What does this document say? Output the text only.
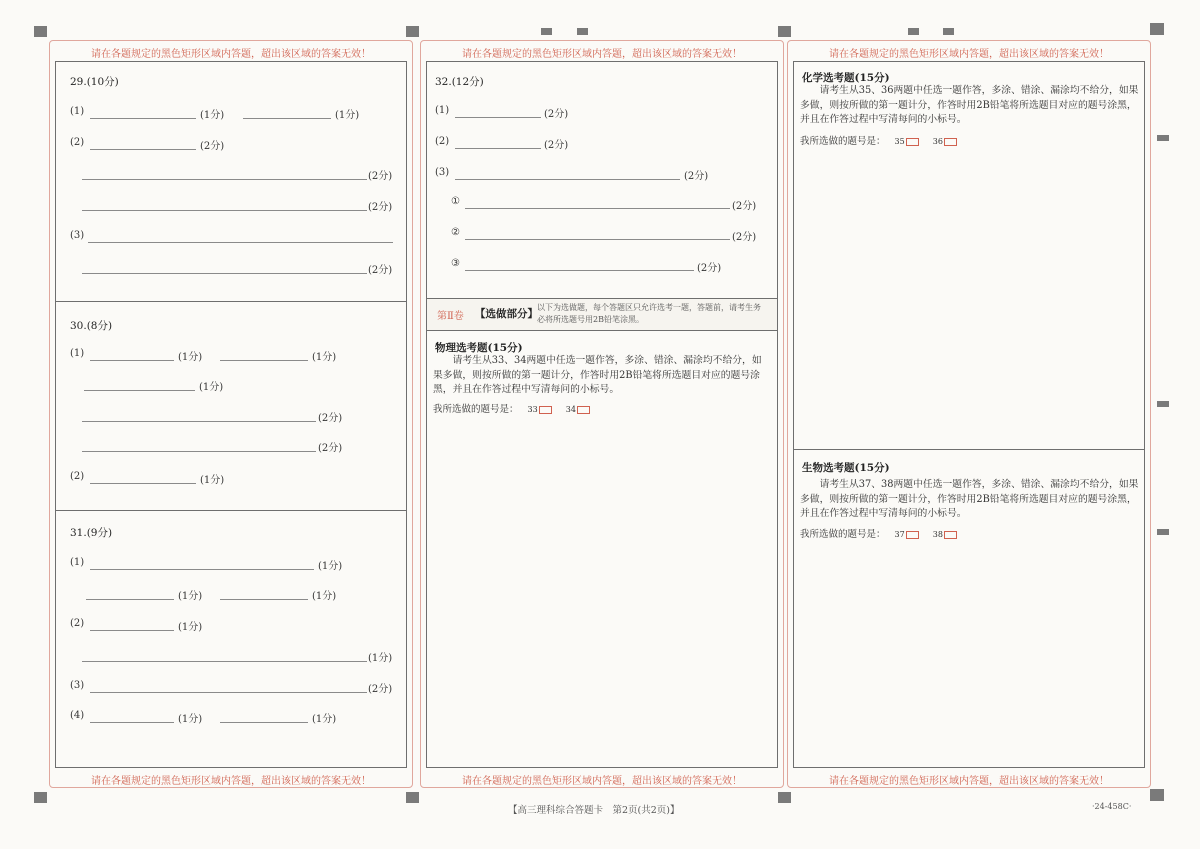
请在各题规定的黑色矩形区域内答题，超出该区域的答案无效！
请在各题规定的黑色矩形区域内答题，超出该区域的答案无效！
29.(10分)
(1)	(1分)	(1分)
(2)	(2分)
(2分)
(2分)
(3)
(2分)
30.(8分)
(1)	(1分)	(1分)
(1分)
(2分)
(2分)
(2)	(1分)
31.(9分)
(1)	(1分)
(1分)	(1分)
(2)	(1分)
(1分)
(3)	(2分)
(4)	(1分)	(1分)
请在各题规定的黑色矩形区域内答题，超出该区域的答案无效！
请在各题规定的黑色矩形区域内答题，超出该区域的答案无效！
32.(12分)
(1)	(2分)
(2)	(2分)
(3)	(2分)
①	(2分)
②	(2分)
③	(2分)
第Ⅱ卷 【选做部分】
以下为选做题，每个答题区只允许选考一题，答题前，请考生务必将所选题号用2B铅笔涂黑。
物理选考题(15分)
请考生从33、34两题中任选一题作答，多涂、错涂、漏涂均不给分，如果多做，则按所做的第一题计分，作答时用2B铅笔将所选题目对应的题号涂黑，并且在作答过程中写清每问的小标号。
我所选做的题号是： 33	34
请在各题规定的黑色矩形区域内答题，超出该区域的答案无效！
请在各题规定的黑色矩形区域内答题，超出该区域的答案无效！
化学选考题(15分)
请考生从35、36两题中任选一题作答，多涂、错涂、漏涂均不给分，如果多做，则按所做的第一题计分，作答时用2B铅笔将所选题目对应的题号涂黑，并且在作答过程中写清每问的小标号。
我所选做的题号是： 35	36
生物选考题(15分)
请考生从37、38两题中任选一题作答，多涂、错涂、漏涂均不给分，如果多做，则按所做的第一题计分，作答时用2B铅笔将所选题目对应的题号涂黑，并且在作答过程中写清每问的小标号。
我所选做的题号是： 37	38
【高三理科综合答题卡　第2页(共2页)】	·24-458C·
